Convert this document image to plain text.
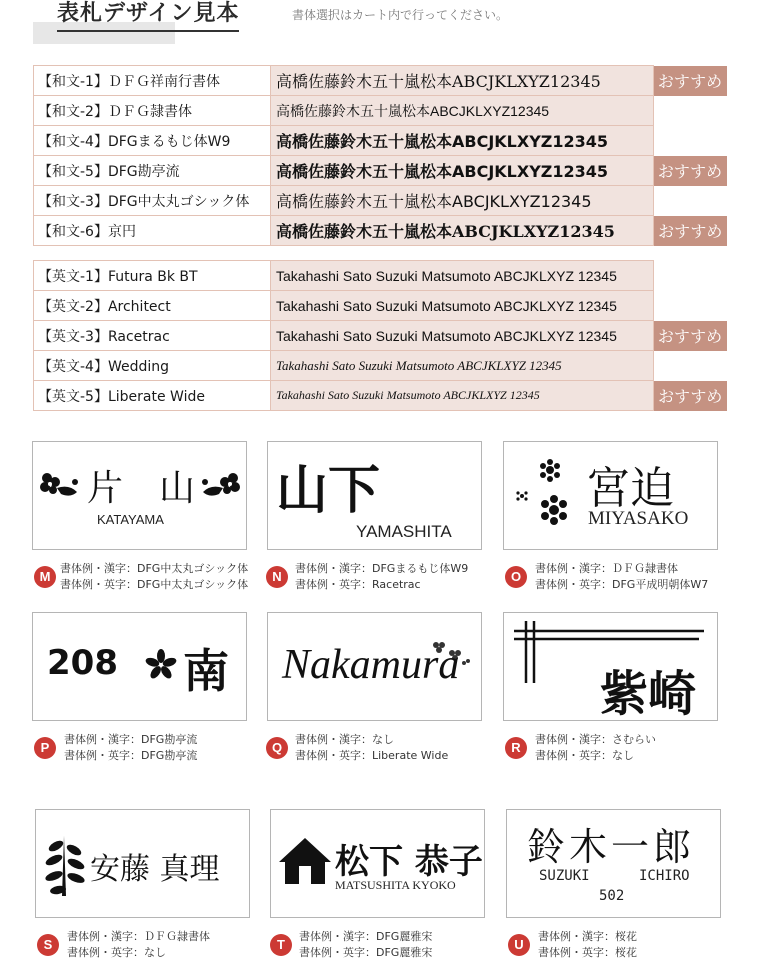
表札デザイン見本	書体選択はカート内で行ってください。
【和文-1】ＤＦＧ祥南行書体	高橋佐藤鈴木五十嵐松本ABCJKLXYZ12345	おすすめ
【和文-2】ＤＦＧ隷書体	高橋佐藤鈴木五十嵐松本ABCJKLXYZ12345	
【和文-4】DFGまるもじ体W9	高橋佐藤鈴木五十嵐松本ABCJKLXYZ12345	
【和文-5】DFG勘亭流	高橋佐藤鈴木五十嵐松本ABCJKLXYZ12345	おすすめ
【和文-3】DFG中太丸ゴシック体	高橋佐藤鈴木五十嵐松本ABCJKLXYZ12345	
【和文-6】京円	高橋佐藤鈴木五十嵐松本ABCJKLXYZ12345	おすすめ
【英文-1】Futura Bk BT	Takahashi Sato Suzuki Matsumoto ABCJKLXYZ 12345	
【英文-2】Architect	Takahashi Sato Suzuki Matsumoto ABCJKLXYZ 12345	
【英文-3】Racetrac	Takahashi Sato Suzuki Matsumoto ABCJKLXYZ 12345	おすすめ
【英文-4】Wedding	Takahashi Sato Suzuki Matsumoto ABCJKLXYZ 12345	
【英文-5】Liberate Wide	Takahashi Sato Suzuki Matsumoto ABCJKLXYZ 12345	おすすめ
片　山
KATAYAMA
M
書体例・漢字：DFG中太丸ゴシック体
書体例・英字：DFG中太丸ゴシック体
山下
YAMASHITA
N
書体例・漢字：DFGまるもじ体W9
書体例・英字：Racetrac
宮迫
MIYASAKO
O
書体例・漢字：ＤＦＧ隷書体
書体例・英字：DFG平成明朝体W7
208 南
P
書体例・漢字：DFG勘亭流
書体例・英字：DFG勘亭流
Nakamura
Q
書体例・漢字：なし
書体例・英字：Liberate Wide
紫崎
R
書体例・漢字：さむらい
書体例・英字：なし
安藤 真理
S
書体例・漢字：ＤＦＧ隷書体
書体例・英字：なし
松下 恭子
MATSUSHITA KYOKO
T
書体例・漢字：DFG麗雅宋
書体例・英字：DFG麗雅宋
鈴木一郎
SUZUKI	ICHIRO
502
U
書体例・漢字：桜花
書体例・英字：桜花
